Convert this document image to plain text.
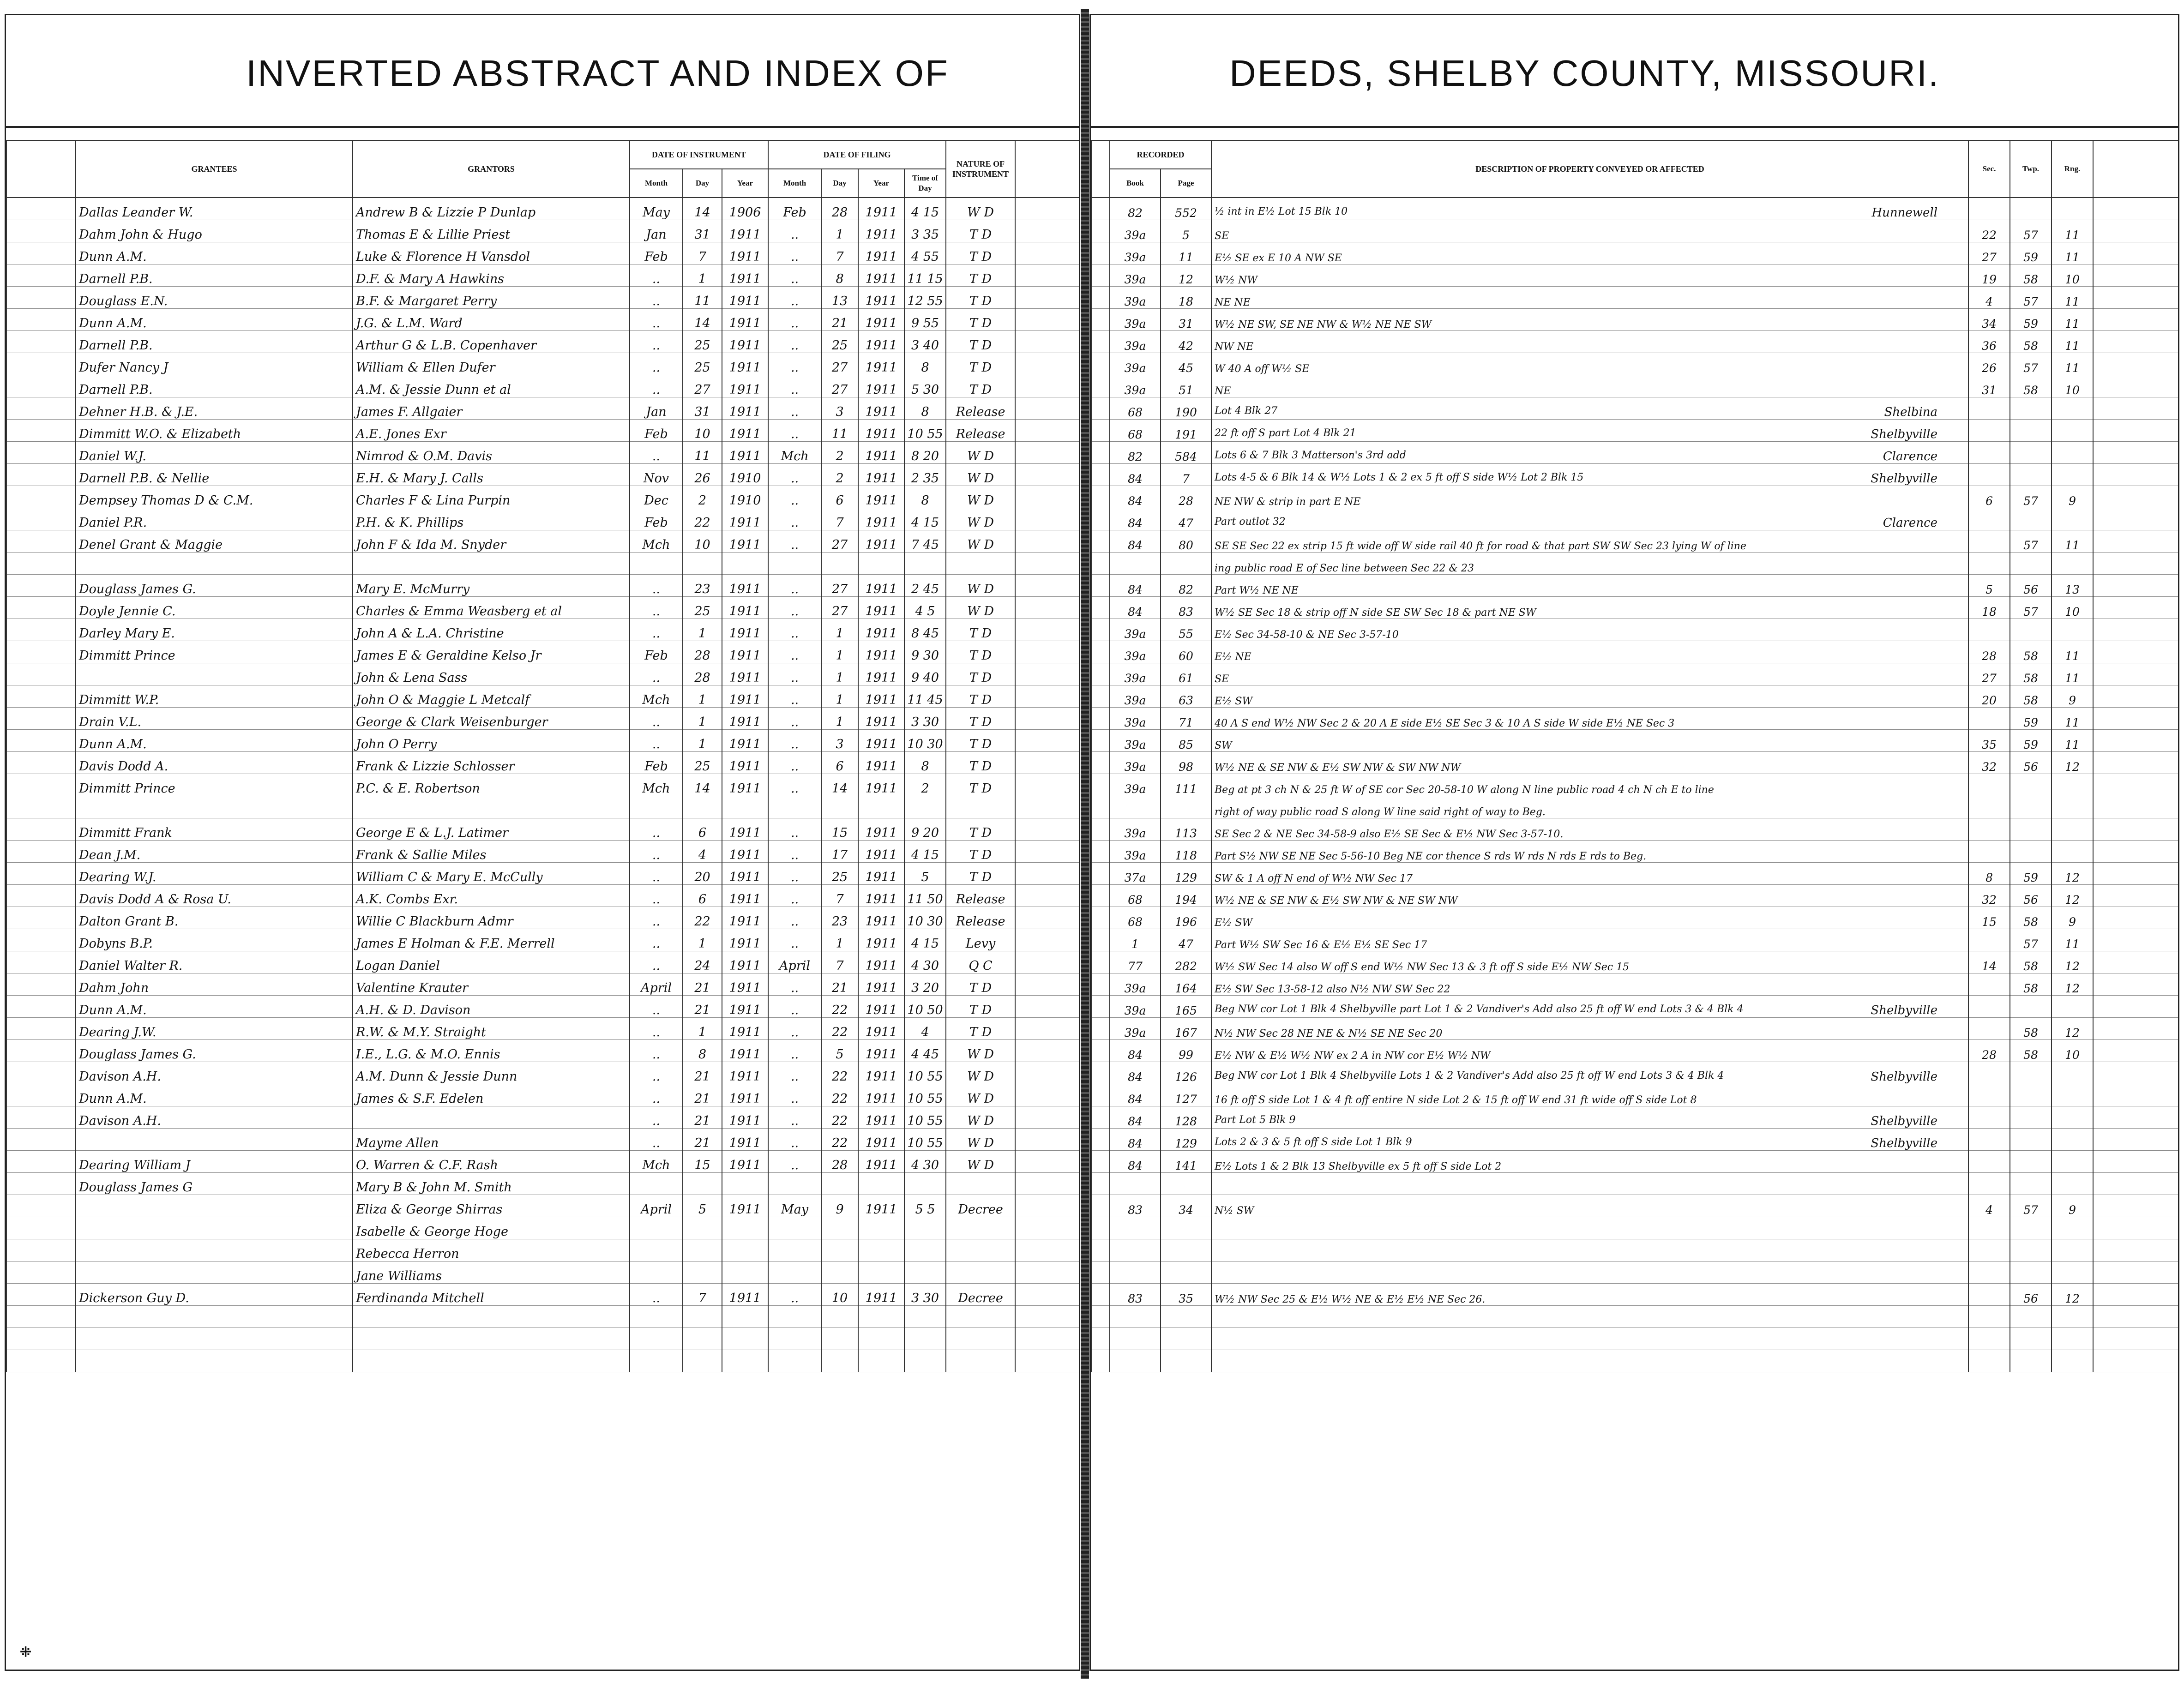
INVERTED ABSTRACT AND INDEX OF
	GRANTEES	GRANTORS	DATE OF INSTRUMENT			DATE OF FILING				NATURE OF INSTRUMENT	
			Month	Day	Year	Month	Day	Year	Time of Day		
	Dallas Leander W.	Andrew B & Lizzie P Dunlap	May	14	1906	Feb	28	1911	4 15	W D	
	Dahm John & Hugo	Thomas E & Lillie Priest	Jan	31	1911	..	1	1911	3 35	T D	
	Dunn A.M.	Luke & Florence H Vansdol	Feb	7	1911	..	7	1911	4 55	T D	
	Darnell P.B.	D.F. & Mary A Hawkins	..	1	1911	..	8	1911	11 15	T D	
	Douglass E.N.	B.F. & Margaret Perry	..	11	1911	..	13	1911	12 55	T D	
	Dunn A.M.	J.G. & L.M. Ward	..	14	1911	..	21	1911	9 55	T D	
	Darnell P.B.	Arthur G & L.B. Copenhaver	..	25	1911	..	25	1911	3 40	T D	
	Dufer Nancy J	William & Ellen Dufer	..	25	1911	..	27	1911	8	T D	
	Darnell P.B.	A.M. & Jessie Dunn et al	..	27	1911	..	27	1911	5 30	T D	
	Dehner H.B. & J.E.	James F. Allgaier	Jan	31	1911	..	3	1911	8	Release	
	Dimmitt W.O. & Elizabeth	A.E. Jones Exr	Feb	10	1911	..	11	1911	10 55	Release	
	Daniel W.J.	Nimrod & O.M. Davis	..	11	1911	Mch	2	1911	8 20	W D	
	Darnell P.B. & Nellie	E.H. & Mary J. Calls	Nov	26	1910	..	2	1911	2 35	W D	
	Dempsey Thomas D & C.M.	Charles F & Lina Purpin	Dec	2	1910	..	6	1911	8	W D	
	Daniel P.R.	P.H. & K. Phillips	Feb	22	1911	..	7	1911	4 15	W D	
	Denel Grant & Maggie	John F & Ida M. Snyder	Mch	10	1911	..	27	1911	7 45	W D	

	Douglass James G.	Mary E. McMurry	..	23	1911	..	27	1911	2 45	W D	
	Doyle Jennie C.	Charles & Emma Weasberg et al	..	25	1911	..	27	1911	4 5	W D	
	Darley Mary E.	John A & L.A. Christine	..	1	1911	..	1	1911	8 45	T D	
	Dimmitt Prince	James E & Geraldine Kelso Jr	Feb	28	1911	..	1	1911	9 30	T D	
		John & Lena Sass	..	28	1911	..	1	1911	9 40	T D	
	Dimmitt W.P.	John O & Maggie L Metcalf	Mch	1	1911	..	1	1911	11 45	T D	
	Drain V.L.	George & Clark Weisenburger	..	1	1911	..	1	1911	3 30	T D	
	Dunn A.M.	John O Perry	..	1	1911	..	3	1911	10 30	T D	
	Davis Dodd A.	Frank & Lizzie Schlosser	Feb	25	1911	..	6	1911	8	T D	
	Dimmitt Prince	P.C. & E. Robertson	Mch	14	1911	..	14	1911	2	T D	

	Dimmitt Frank	George E & L.J. Latimer	..	6	1911	..	15	1911	9 20	T D	
	Dean J.M.	Frank & Sallie Miles	..	4	1911	..	17	1911	4 15	T D	
	Dearing W.J.	William C & Mary E. McCully	..	20	1911	..	25	1911	5	T D	
	Davis Dodd A & Rosa U.	A.K. Combs Exr.	..	6	1911	..	7	1911	11 50	Release	
	Dalton Grant B.	Willie C Blackburn Admr	..	22	1911	..	23	1911	10 30	Release	
	Dobyns B.P.	James E Holman & F.E. Merrell	..	1	1911	..	1	1911	4 15	Levy	
	Daniel Walter R.	Logan Daniel	..	24	1911	April	7	1911	4 30	Q C	
	Dahm John	Valentine Krauter	April	21	1911	..	21	1911	3 20	T D	
	Dunn A.M.	A.H. & D. Davison	..	21	1911	..	22	1911	10 50	T D	
	Dearing J.W.	R.W. & M.Y. Straight	..	1	1911	..	22	1911	4	T D	
	Douglass James G.	I.E., L.G. & M.O. Ennis	..	8	1911	..	5	1911	4 45	W D	
	Davison A.H.	A.M. Dunn & Jessie Dunn	..	21	1911	..	22	1911	10 55	W D	
	Dunn A.M.	James & S.F. Edelen	..	21	1911	..	22	1911	10 55	W D	
	Davison A.H.		..	21	1911	..	22	1911	10 55	W D	
		Mayme Allen	..	21	1911	..	22	1911	10 55	W D	
	Dearing William J	O. Warren & C.F. Rash	Mch	15	1911	..	28	1911	4 30	W D	
	Douglass James G	Mary B & John M. Smith									
		Eliza & George Shirras	April	5	1911	May	9	1911	5 5	Decree	
		Isabelle & George Hoge									
		Rebecca Herron									
		Jane Williams									
	Dickerson Guy D.	Ferdinanda Mitchell	..	7	1911	..	10	1911	3 30	Decree	

⁜
DEEDS, SHELBY COUNTY, MISSOURI.
	RECORDED		DESCRIPTION OF PROPERTY CONVEYED OR AFFECTED	Sec.	Twp.	Rng.	
	Book	Page					
	82	552	½ int in E½ Lot 15 Blk 10 Hunnewell				

	39a	5	SE	22	57	11	
	39a	11	E½ SE ex E 10 A NW SE	27	59	11	
	39a	12	W½ NW	19	58	10	
	39a	18	NE NE	4	57	11	
	39a	31	W½ NE SW, SE NE NW & W½ NE NE SW	34	59	11	
	39a	42	NW NE	36	58	11	
	39a	45	W 40 A off W½ SE	26	57	11	
	39a	51	NE	31	58	10	
	68	190	Lot 4 Blk 27 Shelbina				

	68	191	22 ft off S part Lot 4 Blk 21 Shelbyville				

	82	584	Lots 6 & 7 Blk 3 Matterson's 3rd add Clarence				

	84	7	Lots 4-5 & 6 Blk 14 & W½ Lots 1 & 2 ex 5 ft off S side W½ Lot 2 Blk 15 Shelbyville				

	84	28	NE NW & strip in part E NE	6	57	9	
	84	47	Part outlot 32 Clarence				

	84	80	SE SE Sec 22 ex strip 15 ft wide off W side rail 40 ft for road & that part SW SW Sec 23 lying W of line		57	11	
			ing public road E of Sec line between Sec 22 & 23

	84	82	Part W½ NE NE	5	56	13	
	84	83	W½ SE Sec 18 & strip off N side SE SW Sec 18 & part NE SW	18	57	10	
	39a	55	E½ Sec 34-58-10 & NE Sec 3-57-10

	39a	60	E½ NE	28	58	11	
	39a	61	SE	27	58	11	
	39a	63	E½ SW	20	58	9	
	39a	71	40 A S end W½ NW Sec 2 & 20 A E side E½ SE Sec 3 & 10 A S side W side E½ NE Sec 3		59	11	
	39a	85	SW	35	59	11	
	39a	98	W½ NE & SE NW & E½ SW NW & SW NW NW	32	56	12	
	39a	111	Beg at pt 3 ch N & 25 ft W of SE cor Sec 20-58-10 W along N line public road 4 ch N ch E to line

			right of way public road S along W line said right of way to Beg.

	39a	113	SE Sec 2 & NE Sec 34-58-9 also E½ SE Sec & E½ NW Sec 3-57-10.

	39a	118	Part S½ NW SE NE Sec 5-56-10 Beg NE cor thence S rds W rds N rds E rds to Beg.

	37a	129	SW & 1 A off N end of W½ NW Sec 17	8	59	12	
	68	194	W½ NE & SE NW & E½ SW NW & NE SW NW	32	56	12	
	68	196	E½ SW	15	58	9	
	1	47	Part W½ SW Sec 16 & E½ E½ SE Sec 17		57	11	
	77	282	W½ SW Sec 14 also W off S end W½ NW Sec 13 & 3 ft off S side E½ NW Sec 15	14	58	12	
	39a	164	E½ SW Sec 13-58-12 also N½ NW SW Sec 22		58	12	
	39a	165	Beg NW cor Lot 1 Blk 4 Shelbyville part Lot 1 & 2 Vandiver's Add also 25 ft off W end Lots 3 & 4 Blk 4 Shelbyville				

	39a	167	N½ NW Sec 28 NE NE & N½ SE NE Sec 20		58	12	
	84	99	E½ NW & E½ W½ NW ex 2 A in NW cor E½ W½ NW	28	58	10	
	84	126	Beg NW cor Lot 1 Blk 4 Shelbyville Lots 1 & 2 Vandiver's Add also 25 ft off W end Lots 3 & 4 Blk 4 Shelbyville				

	84	127	16 ft off S side Lot 1 & 4 ft off entire N side Lot 2 & 15 ft off W end 31 ft wide off S side Lot 8

	84	128	Part Lot 5 Blk 9 Shelbyville				

	84	129	Lots 2 & 3 & 5 ft off S side Lot 1 Blk 9 Shelbyville				

	84	141	E½ Lots 1 & 2 Blk 13 Shelbyville ex 5 ft off S side Lot 2

	83	34	N½ SW	4	57	9	

	83	35	W½ NW Sec 25 & E½ W½ NE & E½ E½ NE Sec 26.		56	12	
